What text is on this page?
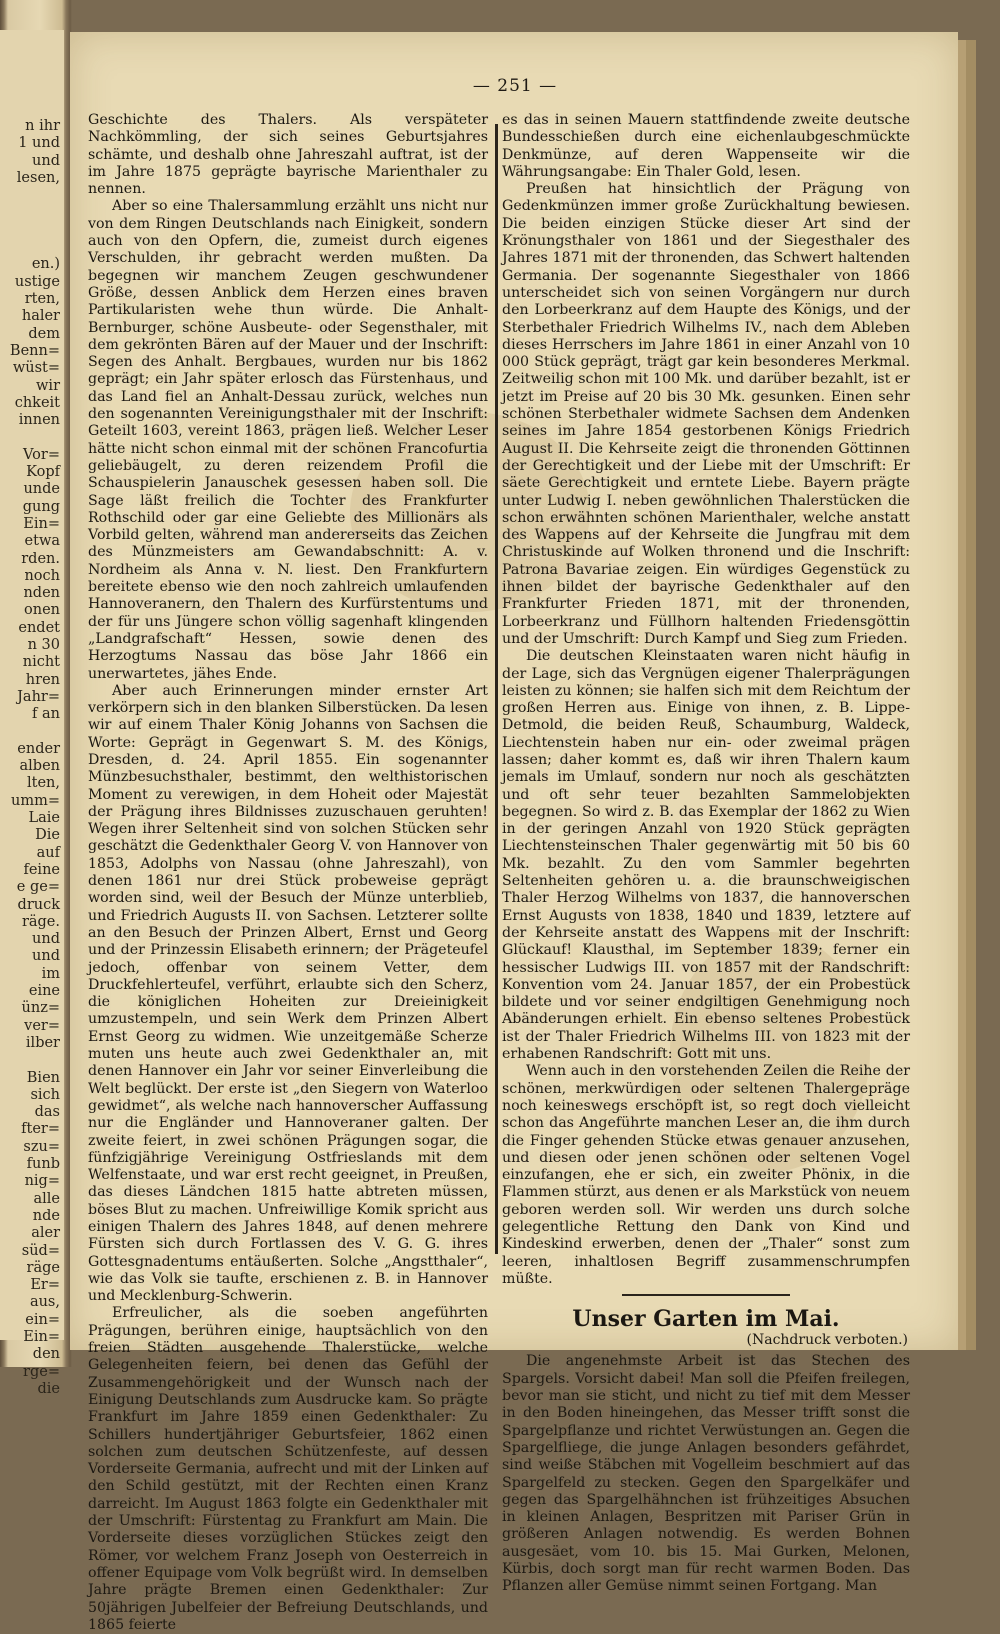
n ihr
1 und
und
lesen,
en.)
ustige
rten,
haler
dem
Benn=
wüst=
wir
chkeit
innen
Vor=
Kopf
unde
gung
Ein=
etwa
rden.
noch
nden
onen
endet
n 30
nicht
hren
Jahr=
f an
ender
alben
lten,
umm=
Laie
Die
auf
feine
e ge=
druck
räge.
und
und
im
eine
ünz=
ver=
ilber
Bien
sich
das
fter=
szu=
funb
nig=
alle
nde
aler
süd=
räge
Er=
aus,
ein=
Ein=
den
rge=
die
— 251 —

Geschichte des Thalers. Als verspäteter Nachkömmling, der sich seines Geburtsjahres schämte, und deshalb ohne Jahreszahl auftrat, ist der im Jahre 1875 geprägte bayrische Marienthaler zu nennen.

Aber so eine Thalersammlung erzählt uns nicht nur von dem Ringen Deutschlands nach Einigkeit, sondern auch von den Opfern, die, zumeist durch eigenes Verschulden, ihr gebracht werden mußten. Da begegnen wir manchem Zeugen geschwundener Größe, dessen Anblick dem Herzen eines braven Partikularisten wehe thun würde. Die Anhalt-Bernburger, schöne Ausbeute- oder Segensthaler, mit dem gekrönten Bären auf der Mauer und der Inschrift: Segen des Anhalt. Bergbaues, wurden nur bis 1862 geprägt; ein Jahr später erlosch das Fürstenhaus, und das Land fiel an Anhalt-Dessau zurück, welches nun den sogenannten Vereinigungsthaler mit der Inschrift: Geteilt 1603, vereint 1863, prägen ließ. Welcher Leser hätte nicht schon einmal mit der schönen Francofurtia geliebäugelt, zu deren reizendem Profil die Schauspielerin Janauschek gesessen haben soll. Die Sage läßt freilich die Tochter des Frankfurter Rothschild oder gar eine Geliebte des Millionärs als Vorbild gelten, während man andererseits das Zeichen des Münzmeisters am Gewandabschnitt: A. v. Nordheim als Anna v. N. liest. Den Frankfurtern bereitete ebenso wie den noch zahlreich umlaufenden Hannoveranern, den Thalern des Kurfürstentums und der für uns Jüngere schon völlig sagenhaft klingenden „Landgrafschaft“ Hessen, sowie denen des Herzogtums Nassau das böse Jahr 1866 ein unerwartetes, jähes Ende.

Aber auch Erinnerungen minder ernster Art verkörpern sich in den blanken Silberstücken. Da lesen wir auf einem Thaler König Johanns von Sachsen die Worte: Geprägt in Gegenwart S. M. des Königs, Dresden, d. 24. April 1855. Ein sogenannter Münzbesuchsthaler, bestimmt, den welthistorischen Moment zu verewigen, in dem Hoheit oder Majestät der Prägung ihres Bildnisses zuzuschauen geruhten! Wegen ihrer Seltenheit sind von solchen Stücken sehr geschätzt die Gedenkthaler Georg V. von Hannover von 1853, Adolphs von Nassau (ohne Jahreszahl), von denen 1861 nur drei Stück probeweise geprägt worden sind, weil der Besuch der Münze unterblieb, und Friedrich Augusts II. von Sachsen. Letzterer sollte an den Besuch der Prinzen Albert, Ernst und Georg und der Prinzessin Elisabeth erinnern; der Prägeteufel jedoch, offenbar von seinem Vetter, dem Druckfehlerteufel, verführt, erlaubte sich den Scherz, die königlichen Hoheiten zur Dreieinigkeit umzustempeln, und sein Werk dem Prinzen Albert Ernst Georg zu widmen. Wie unzeitgemäße Scherze muten uns heute auch zwei Gedenkthaler an, mit denen Hannover ein Jahr vor seiner Einverleibung die Welt beglückt. Der erste ist „den Siegern von Waterloo gewidmet“, als welche nach hannoverscher Auffassung nur die Engländer und Hannoveraner galten. Der zweite feiert, in zwei schönen Prägungen sogar, die fünfzigjährige Vereinigung Ostfrieslands mit dem Welfenstaate, und war erst recht geeignet, in Preußen, das dieses Ländchen 1815 hatte abtreten müssen, böses Blut zu machen. Unfreiwillige Komik spricht aus einigen Thalern des Jahres 1848, auf denen mehrere Fürsten sich durch Fortlassen des V. G. G. ihres Gottesgnadentums entäußerten. Solche „Angstthaler“, wie das Volk sie taufte, erschienen z. B. in Hannover und Mecklenburg-Schwerin.

Erfreulicher, als die soeben angeführten Prägungen, berühren einige, hauptsächlich von den freien Städten ausgehende Thalerstücke, welche Gelegenheiten feiern, bei denen das Gefühl der Zusammengehörigkeit und der Wunsch nach der Einigung Deutschlands zum Ausdrucke kam. So prägte Frankfurt im Jahre 1859 einen Gedenkthaler: Zu Schillers hundertjähriger Geburtsfeier, 1862 einen solchen zum deutschen Schützenfeste, auf dessen Vorderseite Germania, aufrecht und mit der Linken auf den Schild gestützt, mit der Rechten einen Kranz darreicht. Im August 1863 folgte ein Gedenkthaler mit der Umschrift: Fürstentag zu Frankfurt am Main. Die Vorderseite dieses vorzüglichen Stückes zeigt den Römer, vor welchem Franz Joseph von Oesterreich in offener Equipage vom Volk begrüßt wird. In demselben Jahre prägte Bremen einen Gedenkthaler: Zur 50jährigen Jubelfeier der Befreiung Deutschlands, und 1865 feierte

es das in seinen Mauern stattfindende zweite deutsche Bundesschießen durch eine eichenlaubgeschmückte Denkmünze, auf deren Wappenseite wir die Währungsangabe: Ein Thaler Gold, lesen.

Preußen hat hinsichtlich der Prägung von Gedenkmünzen immer große Zurückhaltung bewiesen. Die beiden einzigen Stücke dieser Art sind der Krönungsthaler von 1861 und der Siegesthaler des Jahres 1871 mit der thronenden, das Schwert haltenden Germania. Der sogenannte Siegesthaler von 1866 unterscheidet sich von seinen Vorgängern nur durch den Lorbeerkranz auf dem Haupte des Königs, und der Sterbethaler Friedrich Wilhelms IV., nach dem Ableben dieses Herrschers im Jahre 1861 in einer Anzahl von 10 000 Stück geprägt, trägt gar kein besonderes Merkmal. Zeitweilig schon mit 100 Mk. und darüber bezahlt, ist er jetzt im Preise auf 20 bis 30 Mk. gesunken. Einen sehr schönen Sterbethaler widmete Sachsen dem Andenken seines im Jahre 1854 gestorbenen Königs Friedrich August II. Die Kehrseite zeigt die thronenden Göttinnen der Gerechtigkeit und der Liebe mit der Umschrift: Er säete Gerechtigkeit und erntete Liebe. Bayern prägte unter Ludwig I. neben gewöhnlichen Thalerstücken die schon erwähnten schönen Marienthaler, welche anstatt des Wappens auf der Kehrseite die Jungfrau mit dem Christuskinde auf Wolken thronend und die Inschrift: Patrona Bavariae zeigen. Ein würdiges Gegenstück zu ihnen bildet der bayrische Gedenkthaler auf den Frankfurter Frieden 1871, mit der thronenden, Lorbeerkranz und Füllhorn haltenden Friedensgöttin und der Umschrift: Durch Kampf und Sieg zum Frieden.

Die deutschen Kleinstaaten waren nicht häufig in der Lage, sich das Vergnügen eigener Thalerprägungen leisten zu können; sie halfen sich mit dem Reichtum der großen Herren aus. Einige von ihnen, z. B. Lippe-Detmold, die beiden Reuß, Schaumburg, Waldeck, Liechtenstein haben nur ein- oder zweimal prägen lassen; daher kommt es, daß wir ihren Thalern kaum jemals im Umlauf, sondern nur noch als geschätzten und oft sehr teuer bezahlten Sammelobjekten begegnen. So wird z. B. das Exemplar der 1862 zu Wien in der geringen Anzahl von 1920 Stück geprägten Liechtensteinschen Thaler gegenwärtig mit 50 bis 60 Mk. bezahlt. Zu den vom Sammler begehrten Seltenheiten gehören u. a. die braunschweigischen Thaler Herzog Wilhelms von 1837, die hannoverschen Ernst Augusts von 1838, 1840 und 1839, letztere auf der Kehrseite anstatt des Wappens mit der Inschrift: Glückauf! Klausthal, im September 1839; ferner ein hessischer Ludwigs III. von 1857 mit der Randschrift: Konvention vom 24. Januar 1857, der ein Probestück bildete und vor seiner endgiltigen Genehmigung noch Abänderungen erhielt. Ein ebenso seltenes Probestück ist der Thaler Friedrich Wilhelms III. von 1823 mit der erhabenen Randschrift: Gott mit uns.

Wenn auch in den vorstehenden Zeilen die Reihe der schönen, merkwürdigen oder seltenen Thalergepräge noch keineswegs erschöpft ist, so regt doch vielleicht schon das Angeführte manchen Leser an, die ihm durch die Finger gehenden Stücke etwas genauer anzusehen, und diesen oder jenen schönen oder seltenen Vogel einzufangen, ehe er sich, ein zweiter Phönix, in die Flammen stürzt, aus denen er als Markstück von neuem geboren werden soll. Wir werden uns durch solche gelegentliche Rettung den Dank von Kind und Kindeskind erwerben, denen der „Thaler“ sonst zum leeren, inhaltlosen Begriff zusammenschrumpfen müßte.

Unser Garten im Mai.
(Nachdruck verboten.)

Die angenehmste Arbeit ist das Stechen des Spargels. Vorsicht dabei! Man soll die Pfeifen freilegen, bevor man sie sticht, und nicht zu tief mit dem Messer in den Boden hineingehen, das Messer trifft sonst die Spargelpflanze und richtet Verwüstungen an. Gegen die Spargelfliege, die junge Anlagen besonders gefährdet, sind weiße Stäbchen mit Vogelleim beschmiert auf das Spargelfeld zu stecken. Gegen den Spargelkäfer und gegen das Spargelhähnchen ist frühzeitiges Absuchen in kleinen Anlagen, Bespritzen mit Pariser Grün in größeren Anlagen notwendig. Es werden Bohnen ausgesäet, vom 10. bis 15. Mai Gurken, Melonen, Kürbis, doch sorgt man für recht warmen Boden. Das Pflanzen aller Gemüse nimmt seinen Fortgang. Man
